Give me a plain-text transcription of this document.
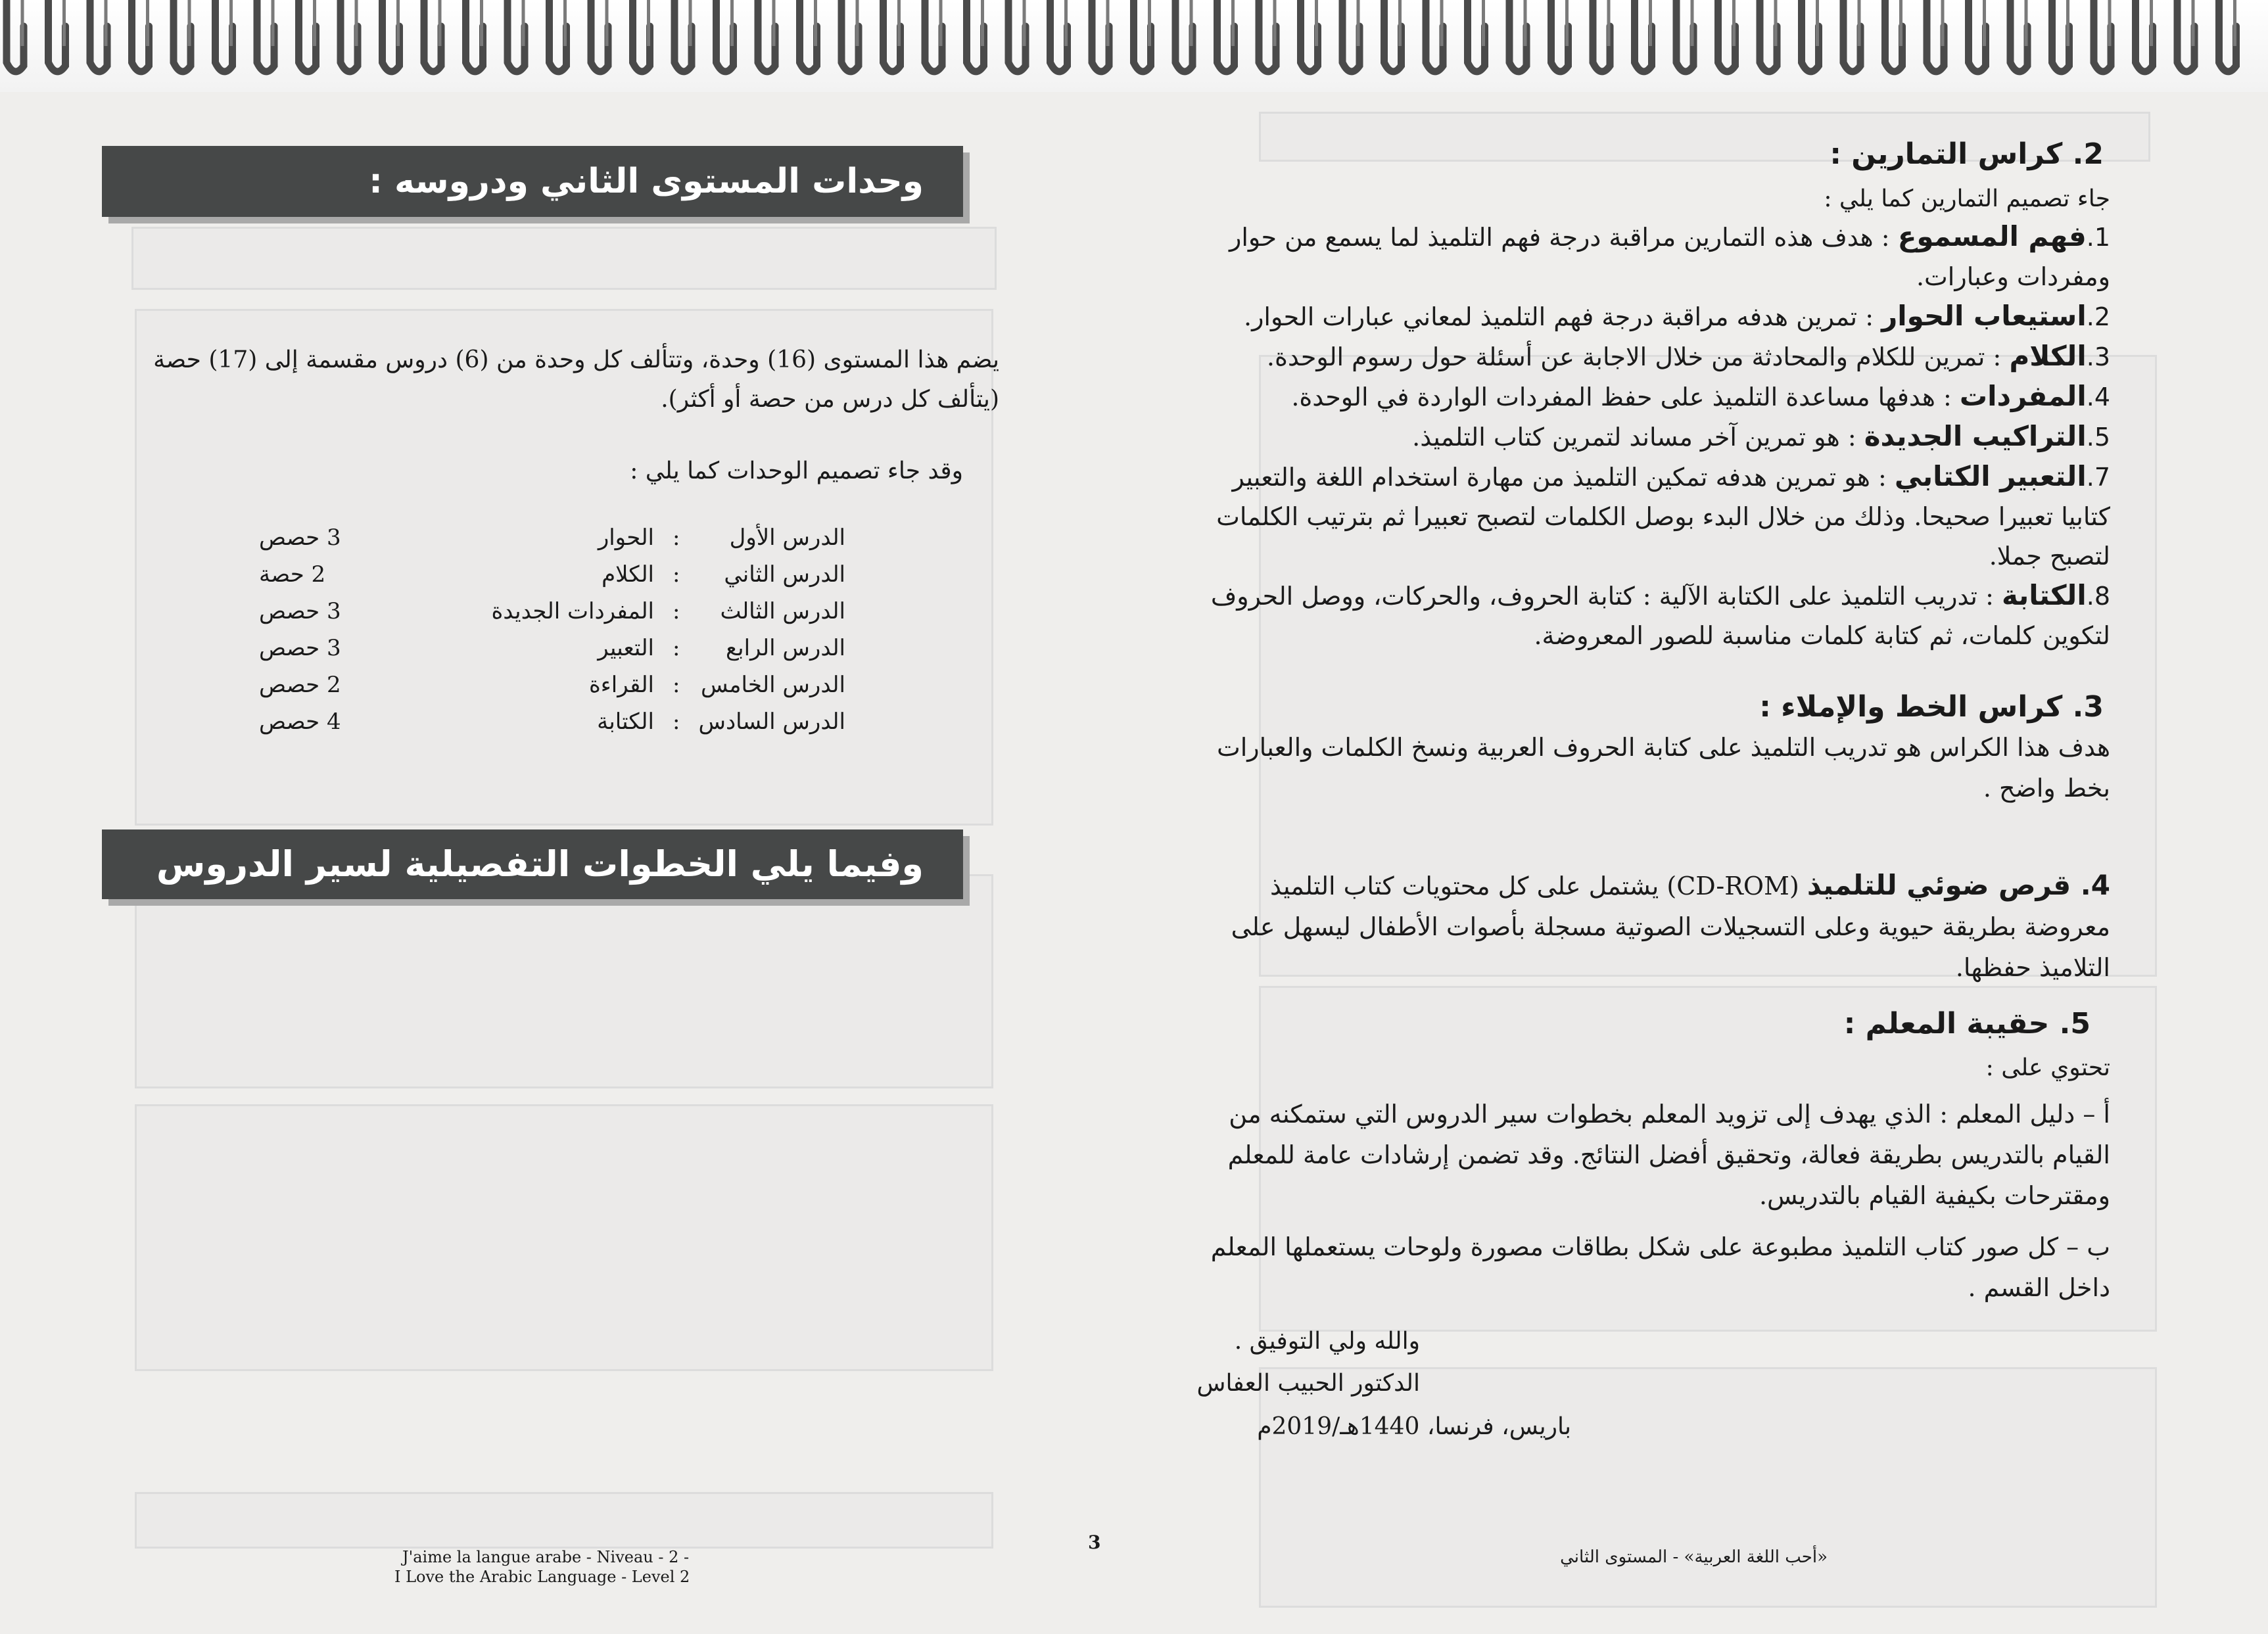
وحدات المستوى الثاني ودروسه :

يضم هذا المستوى (16) وحدة، وتتألف كل وحدة من (6) دروس مقسمة إلى (17) حصة (يتألف كل درس من حصة أو أكثر).

وقد جاء تصميم الوحدات كما يلي :

الدرس الأول	:	الحوار	3 حصص
الدرس الثاني	:	الكلام	2 حصة
الدرس الثالث	:	المفردات الجديدة	3 حصص
الدرس الرابع	:	التعبير	3 حصص
الدرس الخامس	:	القراءة	2 حصص
الدرس السادس	:	الكتابة	4 حصص
وفيما يلي الخطوات التفصيلية لسير الدروس
J'aime la langue arabe - Niveau - 2 -
I Love the Arabic Language - Level 2
3
2. كراس التمارين :

جاء تصميم التمارين كما يلي :

1.فهم المسموع : هدف هذه التمارين مراقبة درجة فهم التلميذ لما يسمع من حوار ومفردات وعبارات.
2.استيعاب الحوار : تمرين هدفه مراقبة درجة فهم التلميذ لمعاني عبارات الحوار.
3.الكلام : تمرين للكلام والمحادثة من خلال الاجابة عن أسئلة حول رسوم الوحدة.
4.المفردات : هدفها مساعدة التلميذ على حفظ المفردات الواردة في الوحدة.
5.التراكيب الجديدة : هو تمرين آخر مساند لتمرين كتاب التلميذ.
7.التعبير الكتابي : هو تمرين هدفه تمكين التلميذ من مهارة استخدام اللغة والتعبير كتابيا تعبيرا صحيحا. وذلك من خلال البدء بوصل الكلمات لتصبح تعبيرا ثم بترتيب الكلمات لتصبح جملا.
8.الكتابة : تدريب التلميذ على الكتابة الآلية : كتابة الحروف، والحركات، ووصل الحروف لتكوين كلمات، ثم كتابة كلمات مناسبة للصور المعروضة.
3. كراس الخط والإملاء :

هدف هذا الكراس هو تدريب التلميذ على كتابة الحروف العربية ونسخ الكلمات والعبارات بخط واضح .

4. قرص ضوئي للتلميذ (CD-ROM) يشتمل على كل محتويات كتاب التلميذ معروضة بطريقة حيوية وعلى التسجيلات الصوتية مسجلة بأصوات الأطفال ليسهل على التلاميذ حفظها.

5. حقيبة المعلم :

تحتوي على :

أ – دليل المعلم : الذي يهدف إلى تزويد المعلم بخطوات سير الدروس التي ستمكنه من القيام بالتدريس بطريقة فعالة، وتحقيق أفضل النتائج. وقد تضمن إرشادات عامة للمعلم ومقترحات بكيفية القيام بالتدريس.

ب – كل صور كتاب التلميذ مطبوعة على شكل بطاقات مصورة ولوحات يستعملها المعلم داخل القسم .

والله ولي التوفيق .

الدكتور الحبيب العفاس

باريس، فرنسا، 1440هـ/2019م

«أحب اللغة العربية» - المستوى الثاني
